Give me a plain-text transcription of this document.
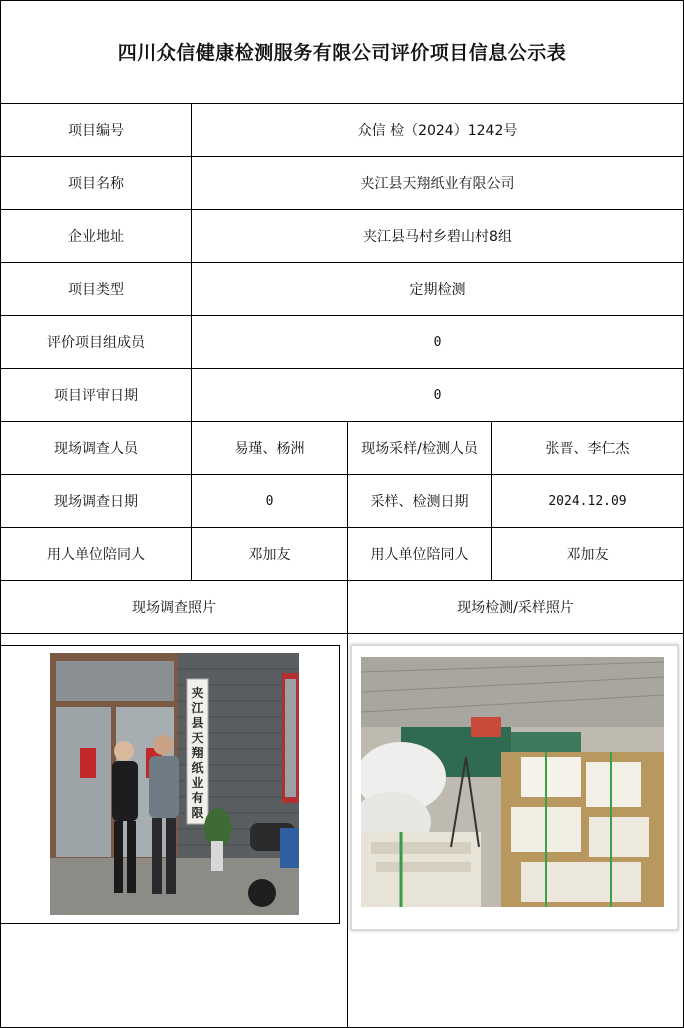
四川众信健康检测服务有限公司评价项目信息公示表
项目编号	众信 检（2024）1242号
项目名称	夹江县天翔纸业有限公司
企业地址	夹江县马村乡碧山村8组
项目类型	定期检测
评价项目组成员	0
项目评审日期	0
现场调查人员	易瑾、杨洲	现场采样/检测人员	张晋、李仁杰
现场调查日期	0	采样、检测日期	2024.12.09
用人单位陪同人	邓加友	用人单位陪同人	邓加友
现场调查照片	现场检测/采样照片
夹
江
县
天
翔
纸
业
有
限
